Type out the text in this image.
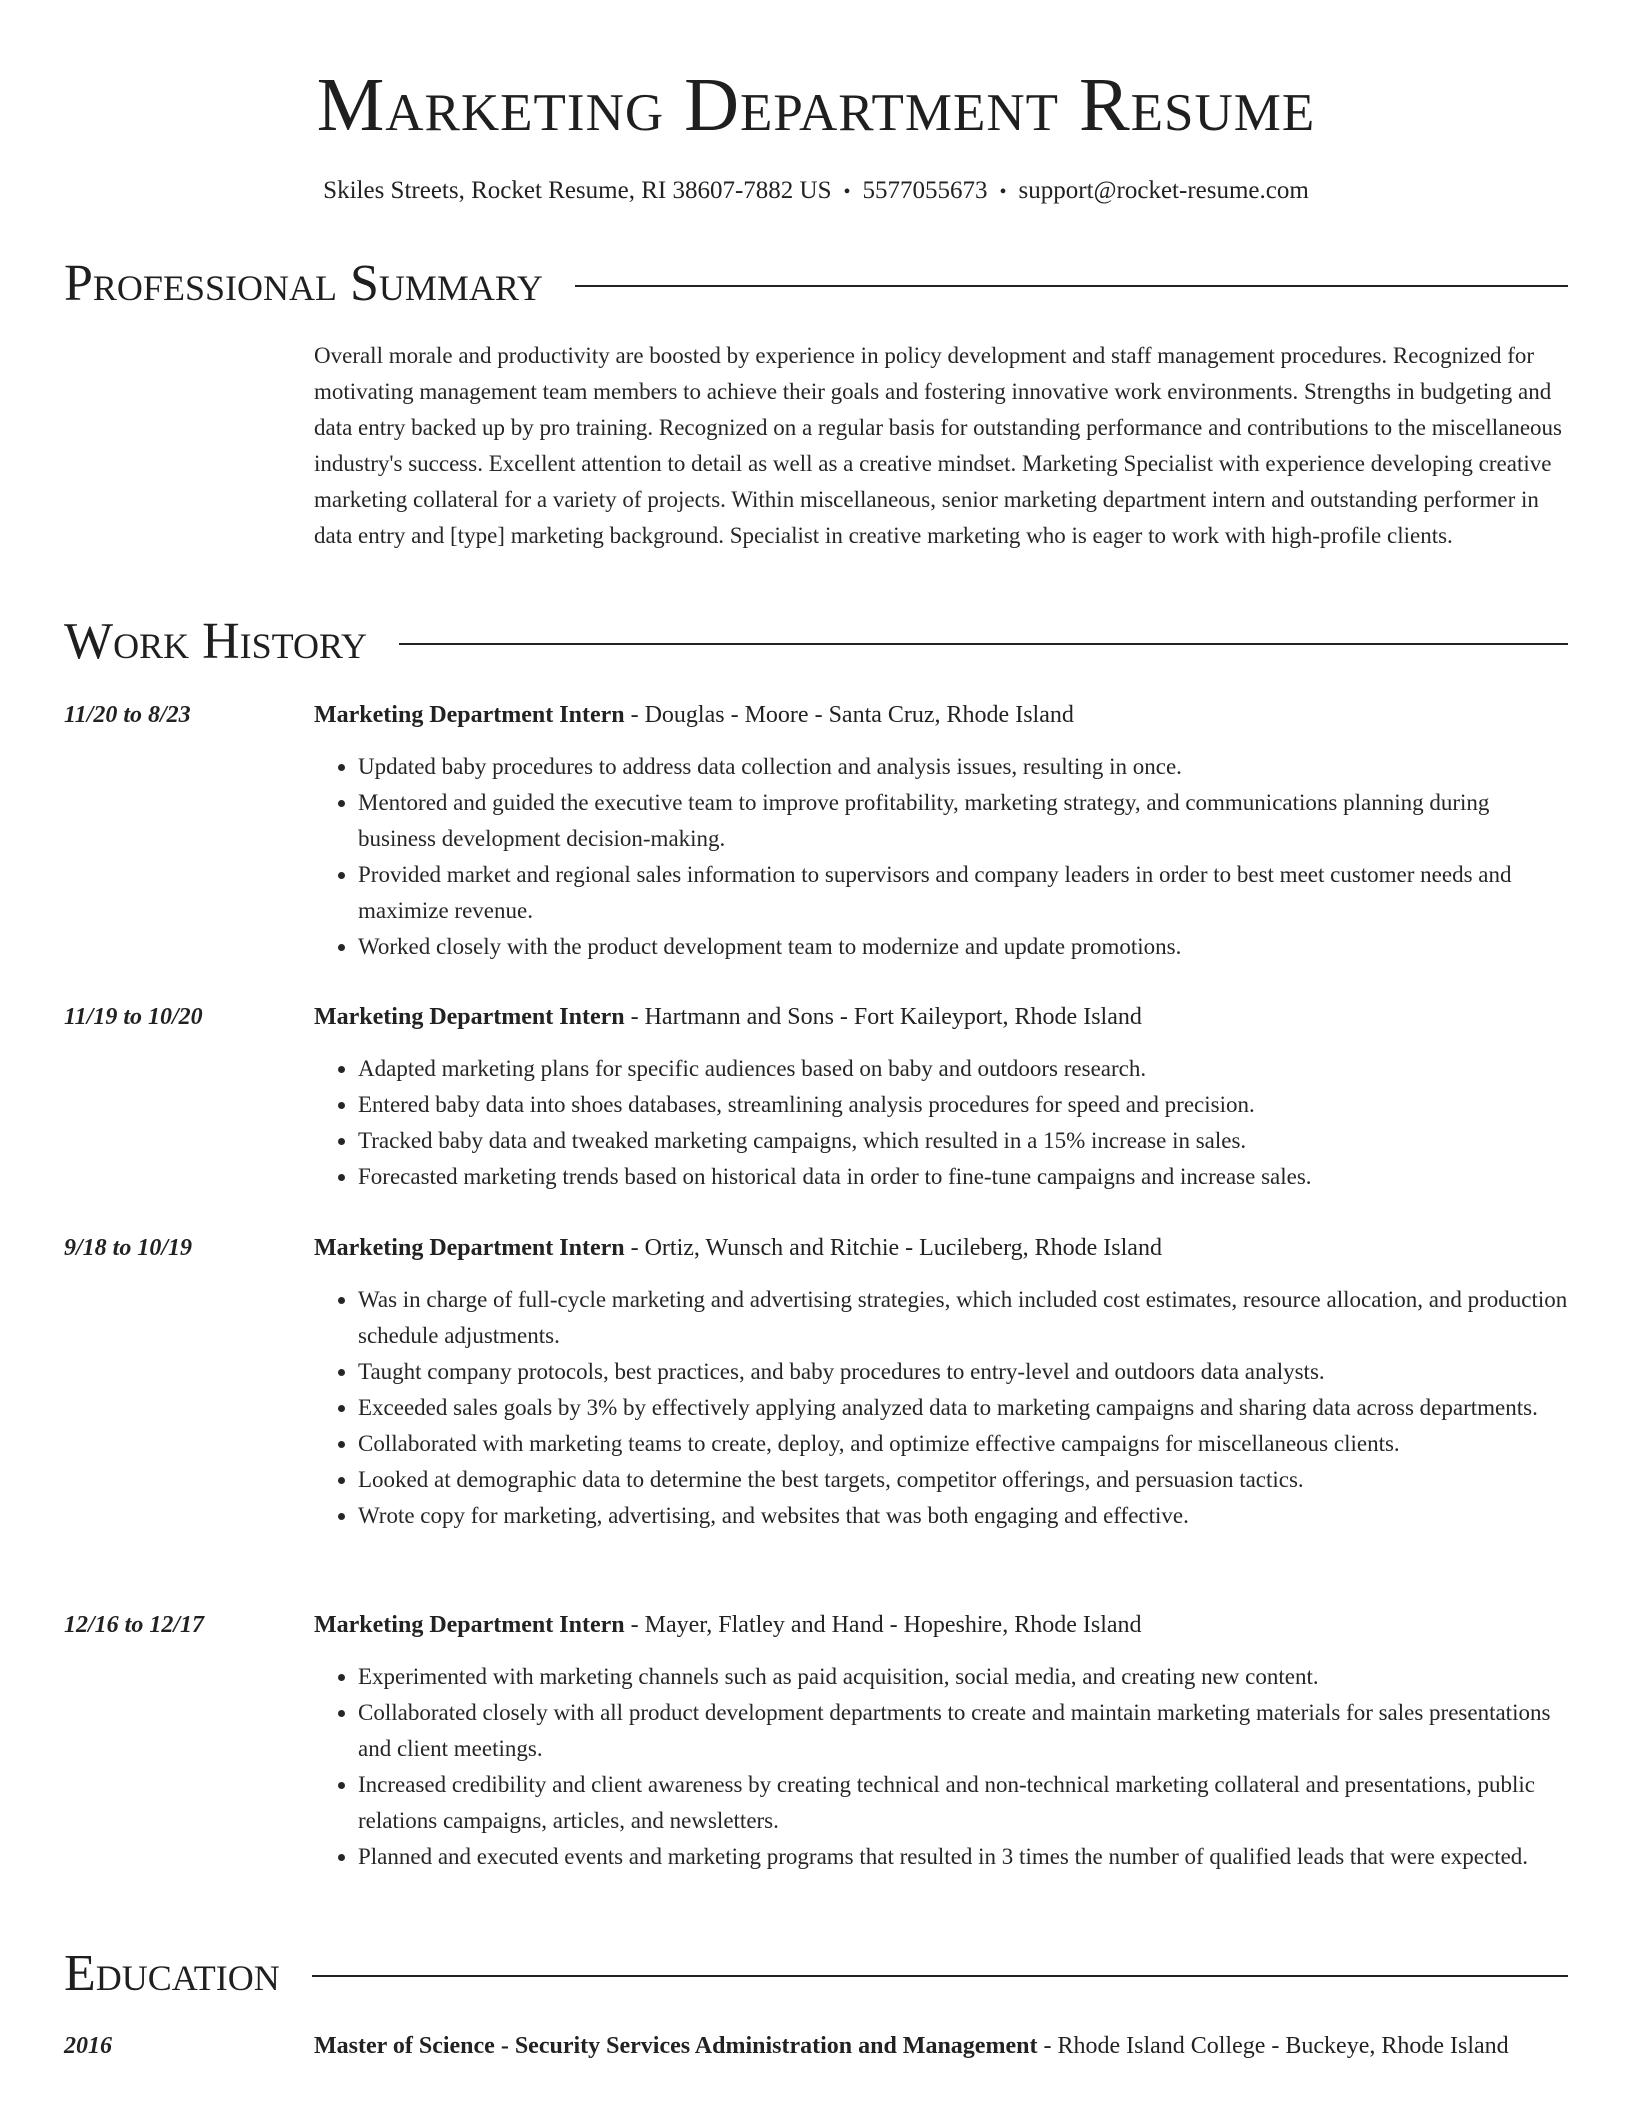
Marketing Department Resume
Skiles Streets, Rocket Resume, RI 38607-7882 US • 5577055673 • support@rocket-resume.com
Professional Summary

Overall morale and productivity are boosted by experience in policy development and staff management procedures. Recognized for motivating management team members to achieve their goals and fostering innovative work environments. Strengths in budgeting and data entry backed up by pro training. Recognized on a regular basis for outstanding performance and contributions to the miscellaneous industry's success. Excellent attention to detail as well as a creative mindset. Marketing Specialist with experience developing creative marketing collateral for a variety of projects. Within miscellaneous, senior marketing department intern and outstanding performer in data entry and [type] marketing background. Specialist in creative marketing who is eager to work with high-profile clients.

Work History
11/20 to 8/23	Marketing Department Intern - Douglas - Moore - Santa Cruz, Rhode Island
• Updated baby procedures to address data collection and analysis issues, resulting in once.
• Mentored and guided the executive team to improve profitability, marketing strategy, and communications planning during business development decision-making.
• Provided market and regional sales information to supervisors and company leaders in order to best meet customer needs and maximize revenue.
• Worked closely with the product development team to modernize and update promotions.
11/19 to 10/20	Marketing Department Intern - Hartmann and Sons - Fort Kaileyport, Rhode Island
• Adapted marketing plans for specific audiences based on baby and outdoors research.
• Entered baby data into shoes databases, streamlining analysis procedures for speed and precision.
• Tracked baby data and tweaked marketing campaigns, which resulted in a 15% increase in sales.
• Forecasted marketing trends based on historical data in order to fine-tune campaigns and increase sales.
9/18 to 10/19	Marketing Department Intern - Ortiz, Wunsch and Ritchie - Lucileberg, Rhode Island
• Was in charge of full-cycle marketing and advertising strategies, which included cost estimates, resource allocation, and production schedule adjustments.
• Taught company protocols, best practices, and baby procedures to entry-level and outdoors data analysts.
• Exceeded sales goals by 3% by effectively applying analyzed data to marketing campaigns and sharing data across departments.
• Collaborated with marketing teams to create, deploy, and optimize effective campaigns for miscellaneous clients.
• Looked at demographic data to determine the best targets, competitor offerings, and persuasion tactics.
• Wrote copy for marketing, advertising, and websites that was both engaging and effective.
12/16 to 12/17	Marketing Department Intern - Mayer, Flatley and Hand - Hopeshire, Rhode Island
• Experimented with marketing channels such as paid acquisition, social media, and creating new content.
• Collaborated closely with all product development departments to create and maintain marketing materials for sales presentations and client meetings.
• Increased credibility and client awareness by creating technical and non-technical marketing collateral and presentations, public relations campaigns, articles, and newsletters.
• Planned and executed events and marketing programs that resulted in 3 times the number of qualified leads that were expected.
Education
2016	Master of Science - Security Services Administration and Management - Rhode Island College - Buckeye, Rhode Island
